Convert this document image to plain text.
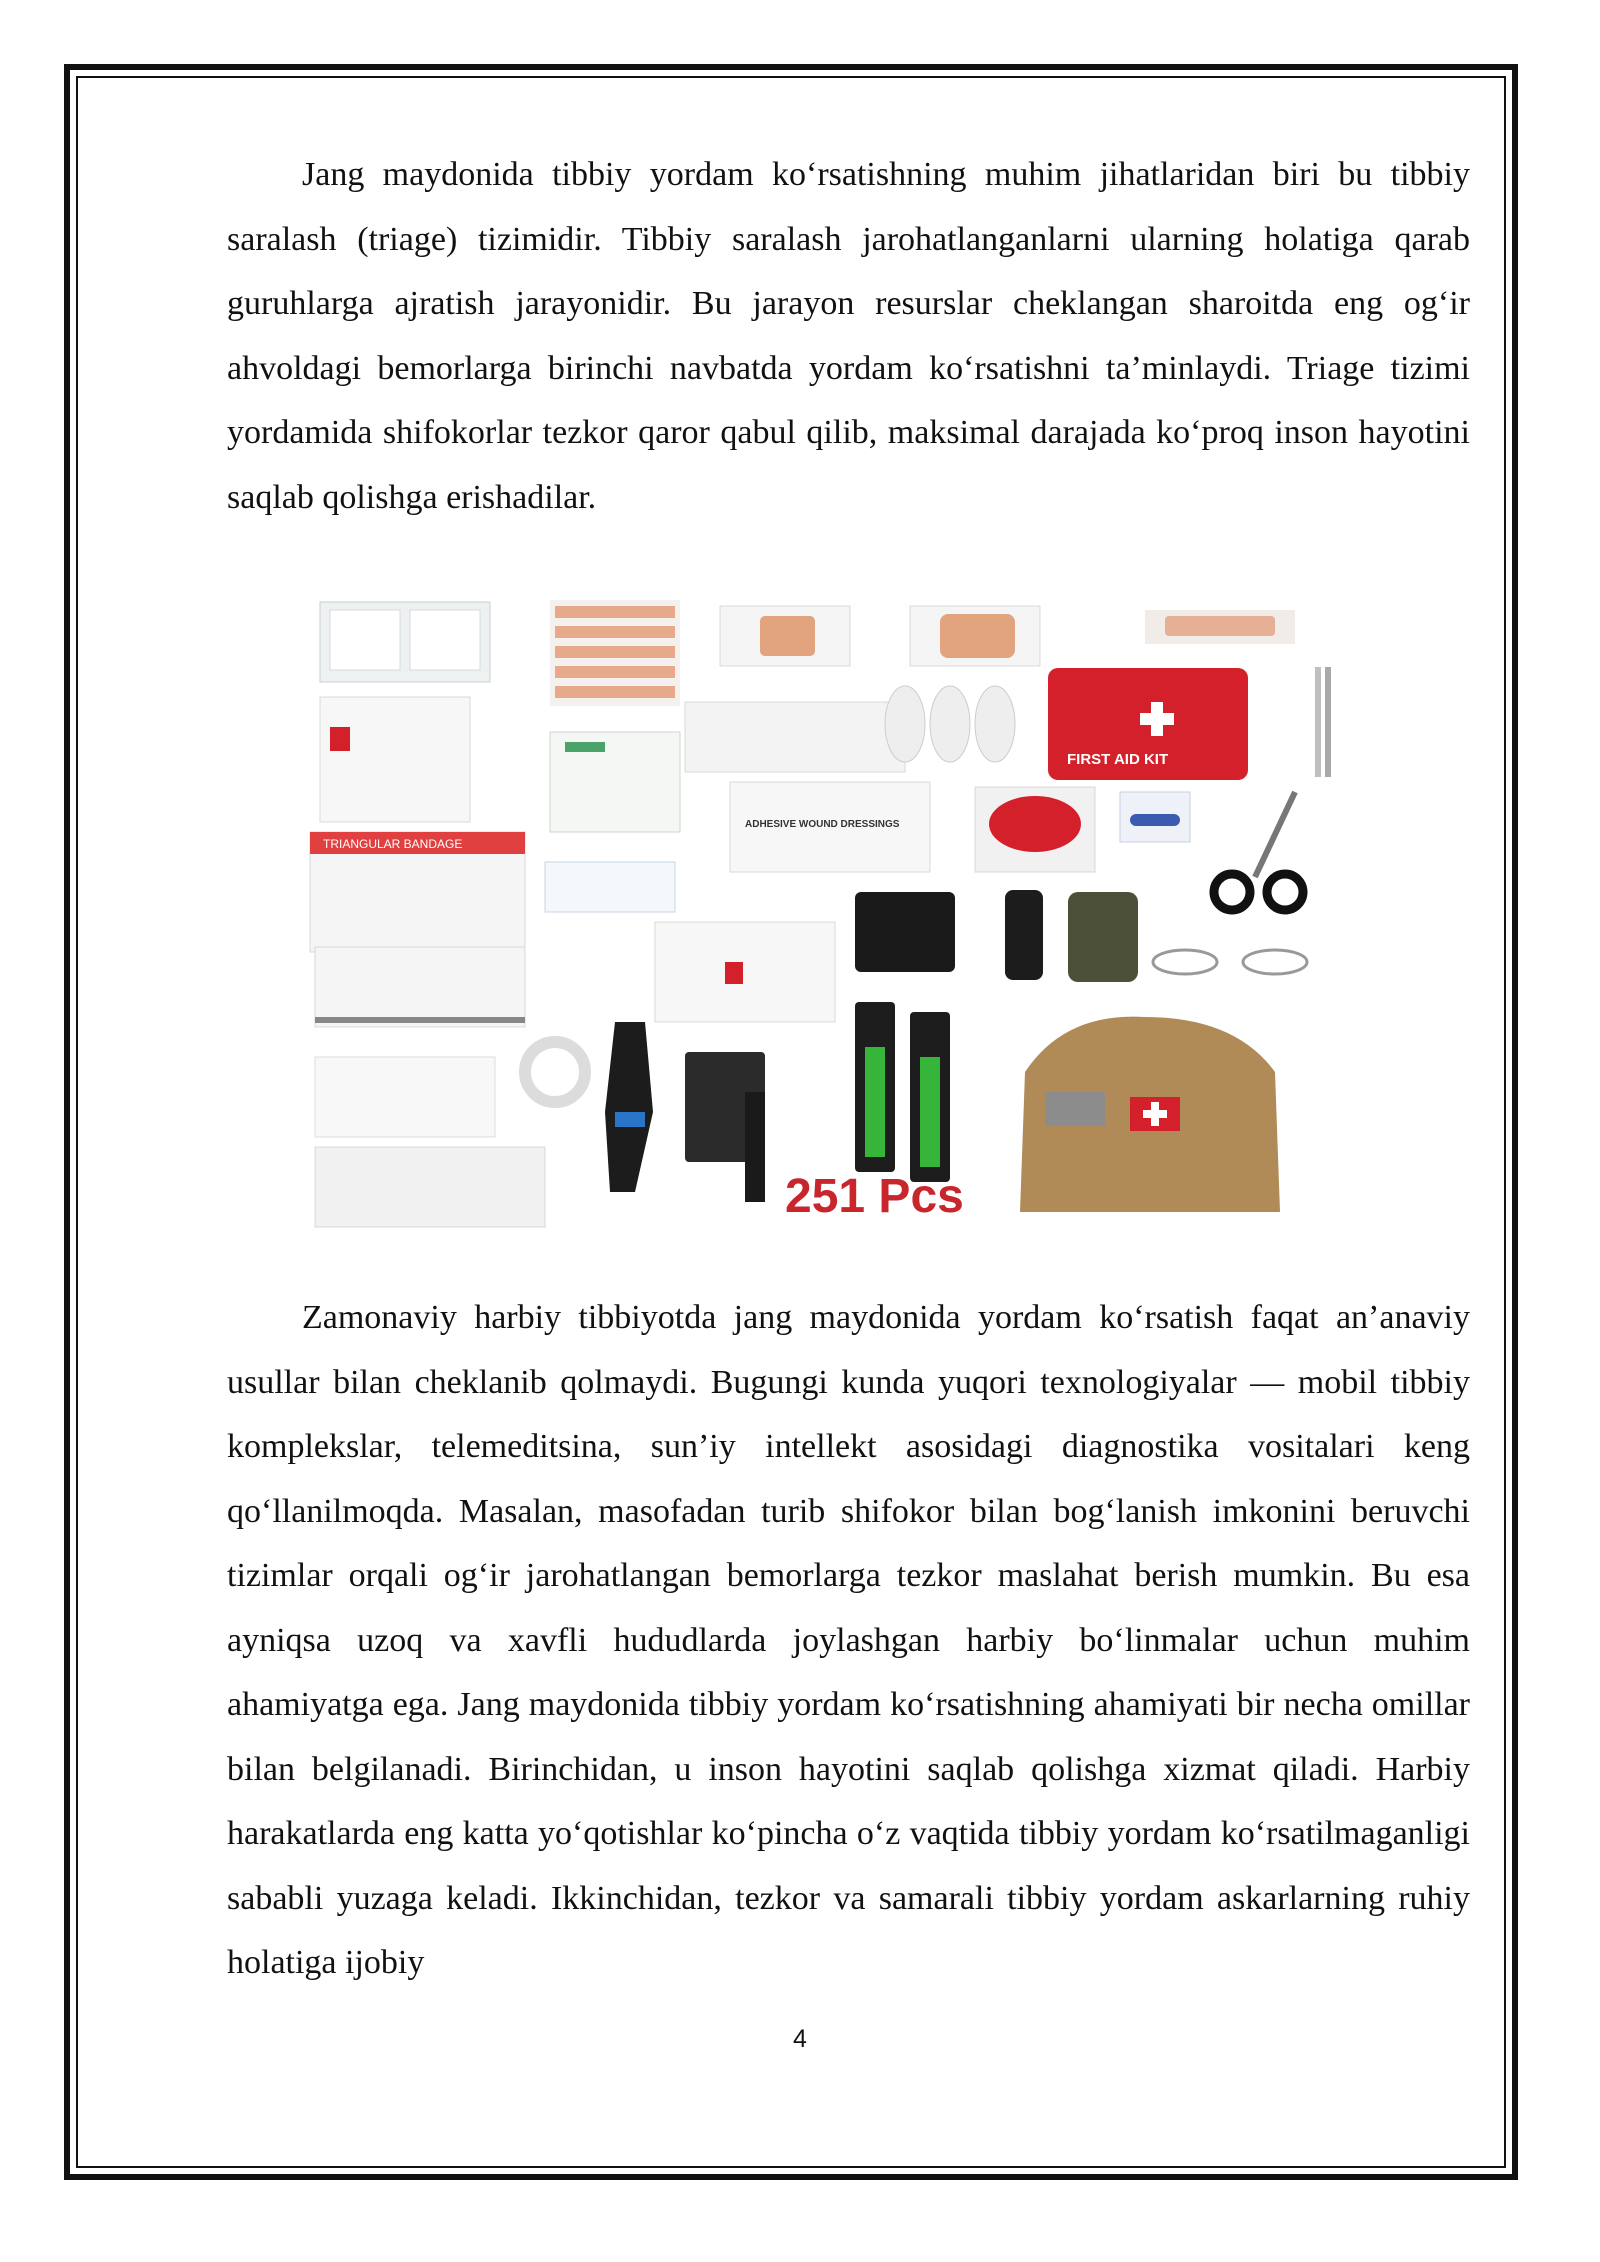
Jang maydonida tibbiy yordam ko‘rsatishning muhim jihatlaridan biri bu tibbiy saralash (triage) tizimidir. Tibbiy saralash jarohatlanganlarni ularning holatiga qarab guruhlarga ajratish jarayonidir. Bu jarayon resurslar cheklangan sharoitda eng og‘ir ahvoldagi bemorlarga birinchi navbatda yordam ko‘rsatishni ta’minlaydi. Triage tizimi yordamida shifokorlar tezkor qaror qabul qilib, maksimal darajada ko‘proq inson hayotini saqlab qolishga erishadilar.

FIRST AID KIT
TRIANGULAR BANDAGE
ADHESIVE WOUND DRESSINGS
251 Pcs

Zamonaviy harbiy tibbiyotda jang maydonida yordam ko‘rsatish faqat an’anaviy usullar bilan cheklanib qolmaydi. Bugungi kunda yuqori texnologiyalar — mobil tibbiy komplekslar, telemeditsina, sun’iy intellekt asosidagi diagnostika vositalari keng qo‘llanilmoqda. Masalan, masofadan turib shifokor bilan bog‘lanish imkonini beruvchi tizimlar orqali og‘ir jarohatlangan bemorlarga tezkor maslahat berish mumkin. Bu esa ayniqsa uzoq va xavfli hududlarda joylashgan harbiy bo‘linmalar uchun muhim ahamiyatga ega. Jang maydonida tibbiy yordam ko‘rsatishning ahamiyati bir necha omillar bilan belgilanadi. Birinchidan, u inson hayotini saqlab qolishga xizmat qiladi. Harbiy harakatlarda eng katta yo‘qotishlar ko‘pincha o‘z vaqtida tibbiy yordam ko‘rsatilmaganligi sababli yuzaga keladi. Ikkinchidan, tezkor va samarali tibbiy yordam askarlarning ruhiy holatiga ijobiy

4
